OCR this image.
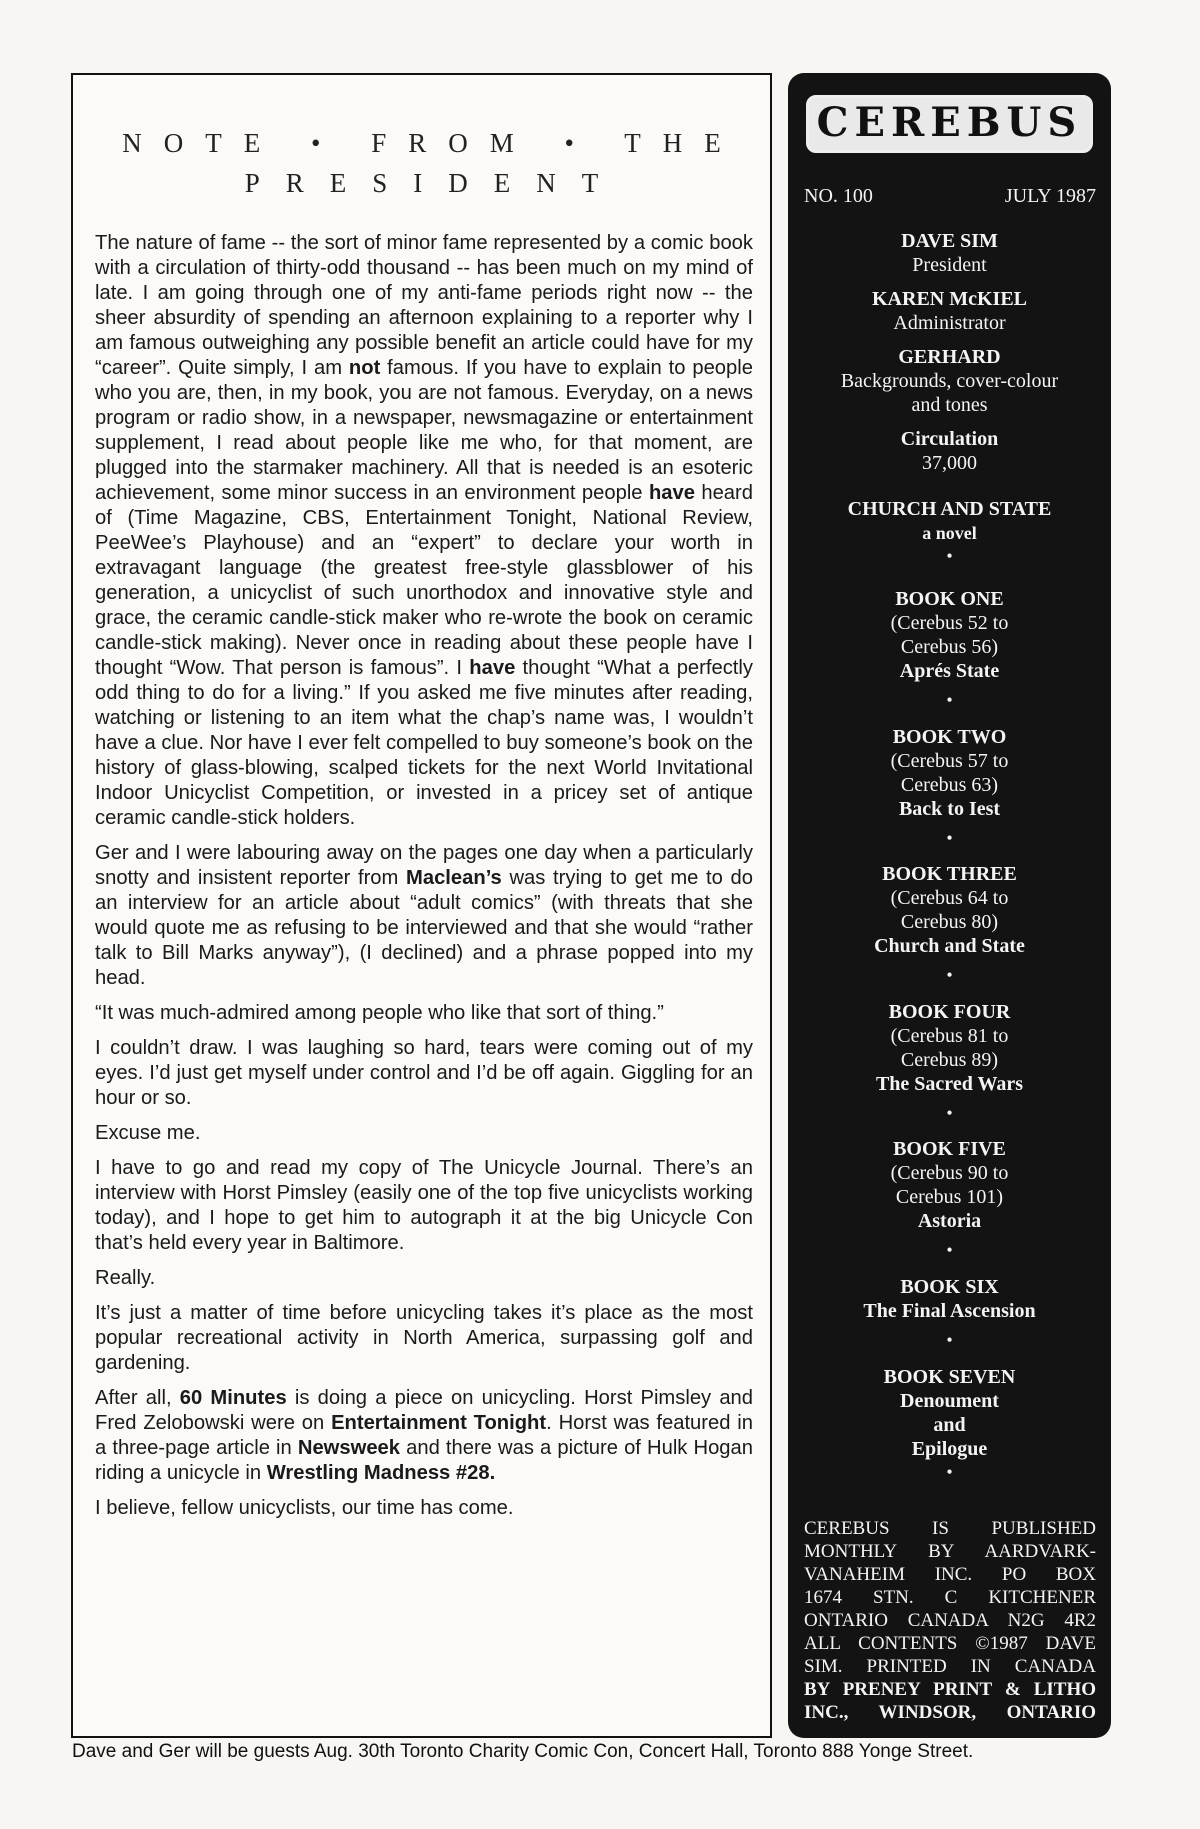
NOTE • FROM • THE
PRESIDENT

The nature of fame -- the sort of minor fame represented by a comic book with a circulation of thirty-odd thousand -- has been much on my mind of late. I am going through one of my anti-fame periods right now -- the sheer absurdity of spending an afternoon explaining to a reporter why I am famous outweighing any possible benefit an article could have for my “career”. Quite simply, I am not famous. If you have to explain to people who you are, then, in my book, you are not famous. Everyday, on a news program or radio show, in a newspaper, newsmagazine or entertainment supplement, I read about people like me who, for that moment, are plugged into the starmaker machinery. All that is needed is an esoteric achievement, some minor success in an environment people have heard of (Time Magazine, CBS, Entertainment Tonight, National Review, PeeWee’s Playhouse) and an “expert” to declare your worth in extravagant language (the greatest free-style glassblower of his generation, a unicyclist of such unorthodox and innovative style and grace, the ceramic candle-stick maker who re-wrote the book on ceramic candle-stick making). Never once in reading about these people have I thought “Wow. That person is famous”. I have thought “What a perfectly odd thing to do for a living.” If you asked me five minutes after reading, watching or listening to an item what the chap’s name was, I wouldn’t have a clue. Nor have I ever felt compelled to buy someone’s book on the history of glass-blowing, scalped tickets for the next World Invitational Indoor Unicyclist Competition, or invested in a pricey set of antique ceramic candle-stick holders.

Ger and I were labouring away on the pages one day when a particularly snotty and insistent reporter from Maclean’s was trying to get me to do an interview for an article about “adult comics” (with threats that she would quote me as refusing to be interviewed and that she would “rather talk to Bill Marks anyway”), (I declined) and a phrase popped into my head.

“It was much-admired among people who like that sort of thing.”

I couldn’t draw. I was laughing so hard, tears were coming out of my eyes. I’d just get myself under control and I’d be off again. Giggling for an hour or so.

Excuse me.

I have to go and read my copy of The Unicycle Journal. There’s an interview with Horst Pimsley (easily one of the top five unicyclists working today), and I hope to get him to autograph it at the big Unicycle Con that’s held every year in Baltimore.

Really.

It’s just a matter of time before unicycling takes it’s place as the most popular recreational activity in North America, surpassing golf and gardening.

After all, 60 Minutes is doing a piece on unicycling. Horst Pimsley and Fred Zelobowski were on Entertainment Tonight. Horst was featured in a three-page article in Newsweek and there was a picture of Hulk Hogan riding a unicycle in Wrestling Madness #28.

I believe, fellow unicyclists, our time has come.

CEREBUS
NO. 100	JULY 1987
DAVE SIM
President
KAREN McKIEL
Administrator
GERHARD
Backgrounds, cover-colour
and tones
Circulation
37,000
CHURCH AND STATE
a novel
•
BOOK ONE
(Cerebus 52 to
Cerebus 56)
Aprés State
•
BOOK TWO
(Cerebus 57 to
Cerebus 63)
Back to Iest
•
BOOK THREE
(Cerebus 64 to
Cerebus 80)
Church and State
•
BOOK FOUR
(Cerebus 81 to
Cerebus 89)
The Sacred Wars
•
BOOK FIVE
(Cerebus 90 to
Cerebus 101)
Astoria
•
BOOK SIX
The Final Ascension
•
BOOK SEVEN
Denoument
and
Epilogue
•
CEREBUS IS PUBLISHED
MONTHLY BY AARDVARK-
VANAHEIM INC. PO BOX
1674 STN. C KITCHENER
ONTARIO CANADA N2G 4R2
ALL CONTENTS ©1987 DAVE
SIM. PRINTED IN CANADA
BY PRENEY PRINT & LITHO
INC., WINDSOR, ONTARIO
Dave and Ger will be guests Aug. 30th Toronto Charity Comic Con, Concert Hall, Toronto 888 Yonge Street.
